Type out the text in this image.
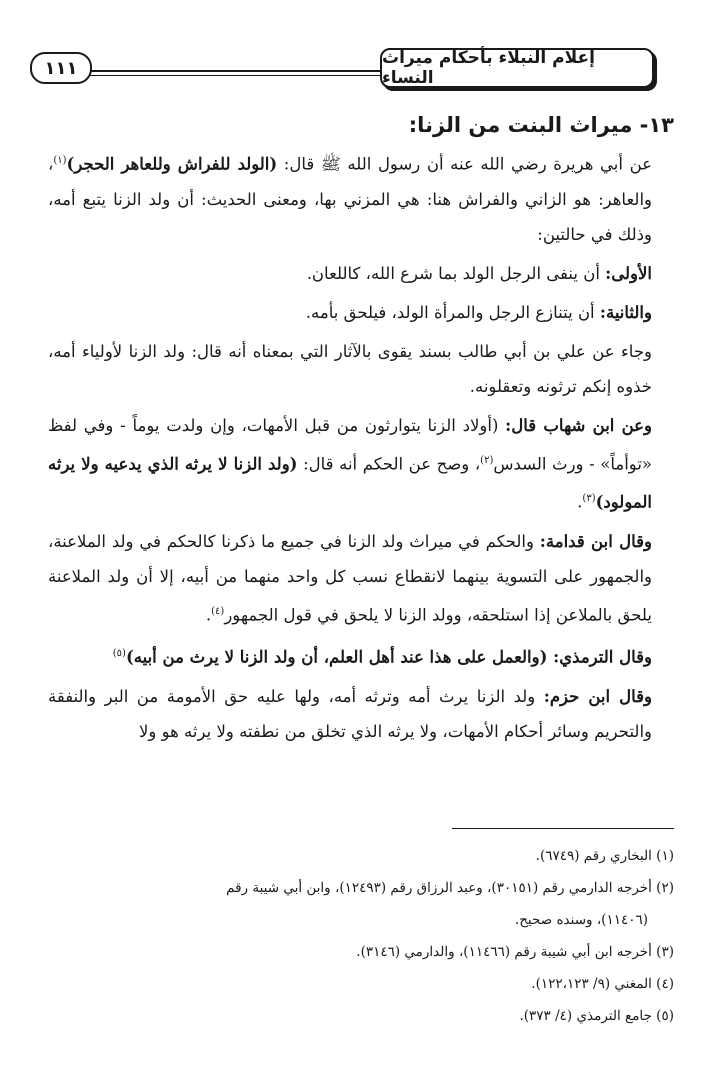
إعلام النبلاء بأحكام ميراث النساء
١١١
١٣- ميراث البنت من الزنا:

عن أبي هريرة رضي الله عنه أن رسول الله ﷺ قال: (الولد للفراش وللعاهر الحجر)$^{(١)}$، والعاهر: هو الزاني والفراش هنا: هي المزني بها، ومعنى الحديث: أن ولد الزنا يتبع أمه، وذلك في حالتين:

الأولى: أن ينفى الرجل الولد بما شرع الله، كاللعان.

والثانية: أن يتنازع الرجل والمرأة الولد، فيلحق بأمه.

وجاء عن علي بن أبي طالب بسند يقوى بالآثار التي بمعناه أنه قال: ولد الزنا لأولياء أمه، خذوه إنكم ترثونه وتعقلونه.

وعن ابن شهاب قال: (أولاد الزنا يتوارثون من قبل الأمهات، وإن ولدت يوماً - وفي لفظ «توأماً» - ورث السدس$^{(٢)}$، وصح عن الحكم أنه قال: (ولد الزنا لا يرثه الذي يدعيه ولا يرثه المولود)$^{(٣)}$.

وقال ابن قدامة: والحكم في ميراث ولد الزنا في جميع ما ذكرنا كالحكم في ولد الملاعنة، والجمهور على التسوية بينهما لانقطاع نسب كل واحد منهما من أبيه، إلا أن ولد الملاعنة يلحق بالملاعن إذا استلحقه، وولد الزنا لا يلحق في قول الجمهور$^{(٤)}$.

وقال الترمذي: (والعمل على هذا عند أهل العلم، أن ولد الزنا لا يرث من أبيه)$^{(٥)}$

وقال ابن حزم: ولد الزنا يرث أمه وترثه أمه، ولها عليه حق الأمومة من البر والنفقة والتحريم وسائر أحكام الأمهات، ولا يرثه الذي تخلق من نطفته ولا يرثه هو ولا

(١) البخاري رقم (٦٧٤٩).

(٢) أخرجه الدارمي رقم (٣٠١٥١)، وعبد الرزاق رقم (١٢٤٩٣)، وابن أبي شيبة رقم
(١١٤٠٦)، وسنده صحيح.

(٣) أخرجه ابن أبي شيبة رقم (١١٤٦٦)، والدارمي (٣١٤٦).

(٤) المغني (٩/ ١٢٢،١٢٣).

(٥) جامع الترمذي (٤/ ٣٧٣).
